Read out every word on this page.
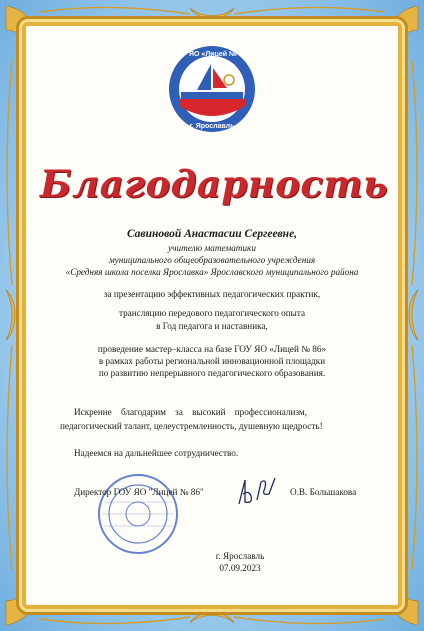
ГОУ ЯО «Лицей № 86»
г. Ярославль
Благодарность
Савиновой Анастасии Сергеевне,
учителю математики
муниципального общеобразовательного учреждения
«Средняя школа поселка Ярославка» Ярославского муниципального района
за презентацию эффективных педагогических практик,
трансляцию передового педагогического опыта
в Год педагога и наставника,
проведение мастер–класса на базе ГОУ ЯО «Лицей № 86»
в рамках работы региональной инновационной площадки
по развитию непрерывного педагогического образования.
Искренне    благодарим    за    высокий    профессионализм,
педагогический талант, целеустремленность, душевную щедрость!
Надеемся на дальнейшее сотрудничество.
Директор ГОУ ЯО "Лицей № 86"	О.В. Большакова
г. Ярославль
07.09.2023
